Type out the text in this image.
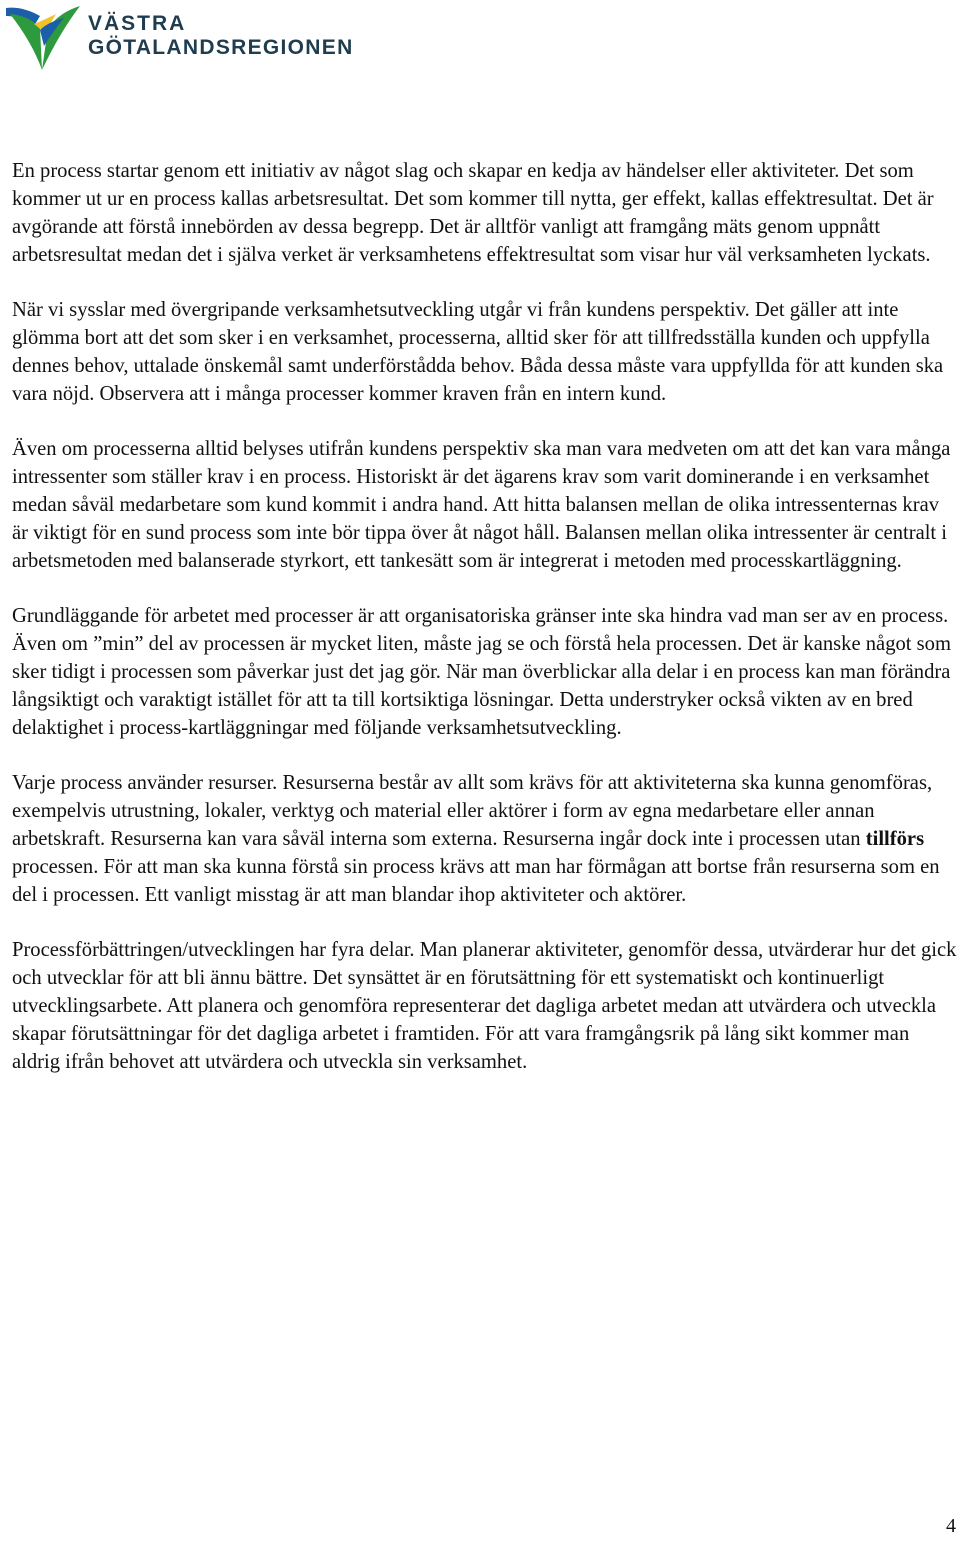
VÄSTRA
GÖTALANDSREGIONEN

En process startar genom ett initiativ av något slag och skapar en kedja av händelser eller aktiviteter. Det som kommer ut ur en process kallas arbetsresultat. Det som kommer till nytta, ger effekt, kallas effektresultat. Det är avgörande att förstå innebörden av dessa begrepp. Det är alltför vanligt att framgång mäts genom uppnått arbetsresultat medan det i själva verket är verksamhetens effektresultat som visar hur väl verksamheten lyckats.

När vi sysslar med övergripande verksamhetsutveckling utgår vi från kundens perspektiv. Det gäller att inte glömma bort att det som sker i en verksamhet, processerna, alltid sker för att tillfredsställa kunden och uppfylla dennes behov, uttalade önskemål samt underförstådda behov. Båda dessa måste vara uppfyllda för att kunden ska vara nöjd. Observera att i många processer kommer kraven från en intern kund.

Även om processerna alltid belyses utifrån kundens perspektiv ska man vara medveten om att det kan vara många intressenter som ställer krav i en process. Historiskt är det ägarens krav som varit dominerande i en verksamhet medan såväl medarbetare som kund kommit i andra hand. Att hitta balansen mellan de olika intressenternas krav är viktigt för en sund process som inte bör tippa över åt något håll. Balansen mellan olika intressenter är centralt i arbetsmetoden med balanserade styrkort, ett tankesätt som är integrerat i metoden med processkartläggning.

Grundläggande för arbetet med processer är att organisatoriska gränser inte ska hindra vad man ser av en process. Även om ”min” del av processen är mycket liten, måste jag se och förstå hela processen. Det är kanske något som sker tidigt i processen som påverkar just det jag gör. När man överblickar alla delar i en process kan man förändra långsiktigt och varaktigt istället för att ta till kortsiktiga lösningar. Detta understryker också vikten av en bred delaktighet i process-kartläggningar med följande verksamhetsutveckling.

Varje process använder resurser. Resurserna består av allt som krävs för att aktiviteterna ska kunna genomföras, exempelvis utrustning, lokaler, verktyg och material eller aktörer i form av egna medarbetare eller annan arbetskraft. Resurserna kan vara såväl interna som externa. Resurserna ingår dock inte i processen utan tillförs processen. För att man ska kunna förstå sin process krävs att man har förmågan att bortse från resurserna som en del i processen. Ett vanligt misstag är att man blandar ihop aktiviteter och aktörer.

Processförbättringen/utvecklingen har fyra delar. Man planerar aktiviteter, genomför dessa, utvärderar hur det gick och utvecklar för att bli ännu bättre. Det synsättet är en förutsättning för ett systematiskt och kontinuerligt utvecklingsarbete. Att planera och genomföra representerar det dagliga arbetet medan att utvärdera och utveckla skapar förutsättningar för det dagliga arbetet i framtiden. För att vara framgångsrik på lång sikt kommer man aldrig ifrån behovet att utvärdera och utveckla sin verksamhet.

4
